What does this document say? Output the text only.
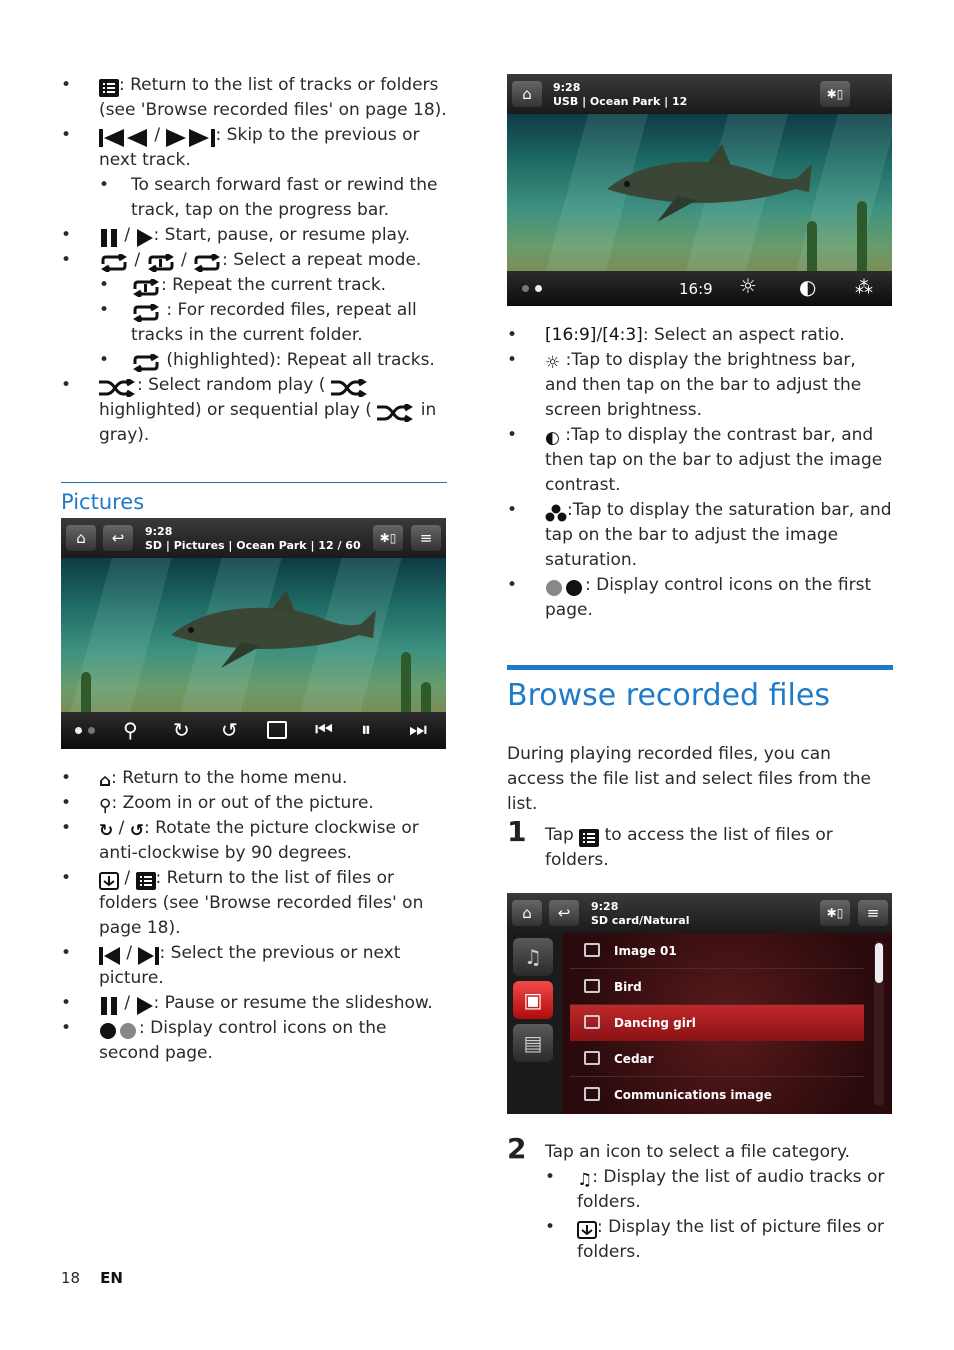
• : Return to the list of tracks or folders (see 'Browse recorded files' on page 18).
• /	: Skip to the previous or next track.
• To search forward fast or rewind the track, tap on the progress bar.
• / : Start, pause, or resume play.
• / / : Select a repeat mode.
• : Repeat the current track.
• : For recorded files, repeat all tracks in the current folder.
• (highlighted): Repeat all tracks.
• : Select random play (  highlighted) or sequential play (	in gray).
Pictures
⌂	↩	9:28
SD | Pictures | Ocean Park | 12 / 60
✱▯	≡
⚲ ↻ ↺	⏮ ⏸ ⏭
• ⌂: Return to the home menu.
• ⚲: Zoom in or out of the picture.
• ↻ / ↺: Rotate the picture clockwise or anti-clockwise by 90 degrees.
• / : Return to the list of files or folders (see 'Browse recorded files' on page 18).
• / : Select the previous or next picture.
• / : Pause or resume the slideshow.
• : Display control icons on the second page.
⌂	9:28
USB | Ocean Park | 12
✱▯
16:9 ☼ ◐ ⁂
• [16:9]/[4:3]: Select an aspect ratio.
• ☼ :Tap to display the brightness bar, and then tap on the bar to adjust the screen brightness.
• ◐ :Tap to display the contrast bar, and then tap on the bar to adjust the image contrast.
• :Tap to display the saturation bar, and tap on the bar to adjust the image saturation.
• : Display control icons on the first page.
Browse recorded files

During playing recorded files, you can access the file list and select files from the list.

1 Tap to access the list of files or folders.
⌂	↩	9:28
SD card/Natural
✱▯	≡
♫
▣
▤
Image 01
Bird
Dancing girl
Cedar
Communications image
2 Tap an icon to select a file category.
• ♫: Display the list of audio tracks or folders.
• : Display the list of picture files or folders.
18 EN
